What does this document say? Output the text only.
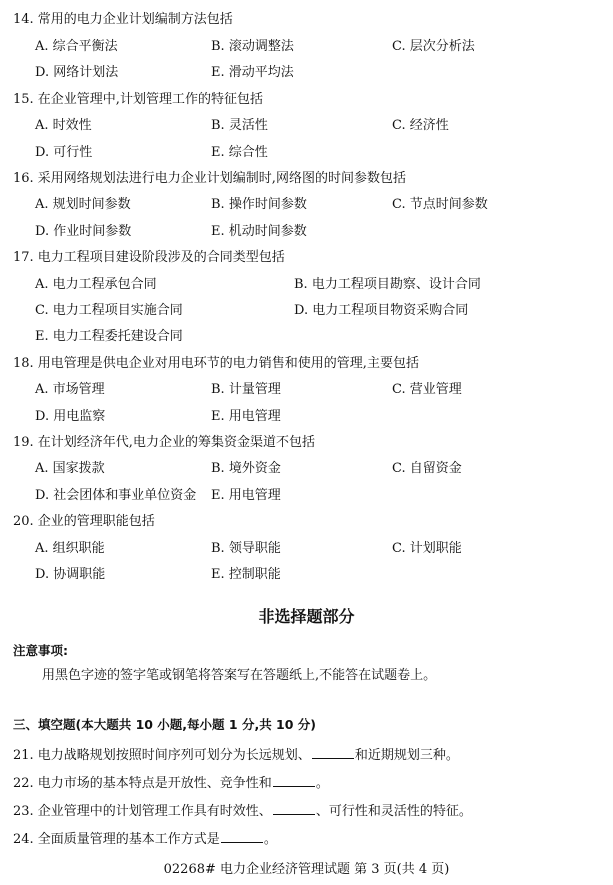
14. 常用的电力企业计划编制方法包括
A. 综合平衡法	B. 滚动调整法	C. 层次分析法
D. 网络计划法	E. 滑动平均法
15. 在企业管理中,计划管理工作的特征包括
A. 时效性	B. 灵活性	C. 经济性
D. 可行性	E. 综合性
16. 采用网络规划法进行电力企业计划编制时,网络图的时间参数包括
A. 规划时间参数	B. 操作时间参数	C. 节点时间参数
D. 作业时间参数	E. 机动时间参数
17. 电力工程项目建设阶段涉及的合同类型包括
A. 电力工程承包合同	B. 电力工程项目勘察、设计合同
C. 电力工程项目实施合同	D. 电力工程项目物资采购合同
E. 电力工程委托建设合同
18. 用电管理是供电企业对用电环节的电力销售和使用的管理,主要包括
A. 市场管理	B. 计量管理	C. 营业管理
D. 用电监察	E. 用电管理
19. 在计划经济年代,电力企业的筹集资金渠道不包括
A. 国家拨款	B. 境外资金	C. 自留资金
D. 社会团体和事业单位资金 E. 用电管理
20. 企业的管理职能包括
A. 组织职能	B. 领导职能	C. 计划职能
D. 协调职能	E. 控制职能
非选择题部分
注意事项:
用黑色字迹的签字笔或钢笔将答案写在答题纸上,不能答在试题卷上。
三、填空题(本大题共 10 小题,每小题 1 分,共 10 分)
21. 电力战略规划按照时间序列可划分为长远规划、	和近期规划三种。
22. 电力市场的基本特点是开放性、竞争性和	。
23. 企业管理中的计划管理工作具有时效性、	、可行性和灵活性的特征。
24. 全面质量管理的基本工作方式是	。
02268# 电力企业经济管理试题 第 3 页(共 4 页)
